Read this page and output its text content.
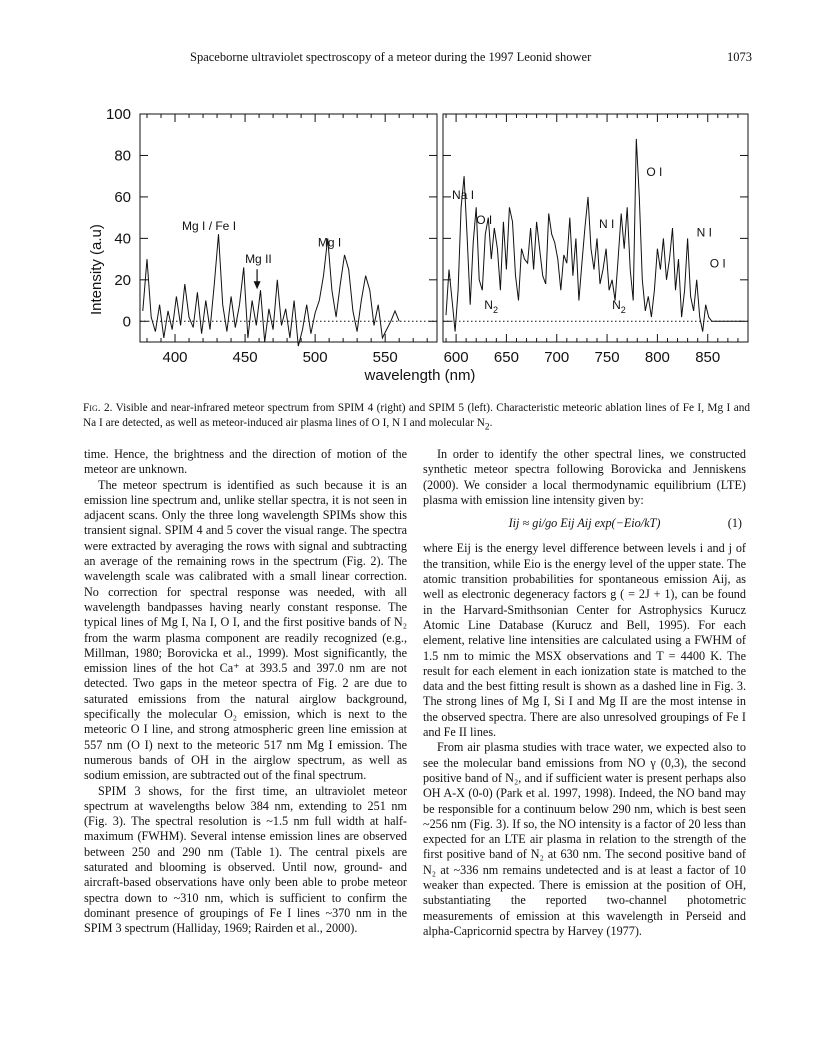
Spaceborne ultraviolet spectroscopy of a meteor during the 1997 Leonid shower	1073
Mg I / Fe I
Mg II
Mg I
Na I
O I
$N_2$
N I
$N_2$
O I
N I
O I
0
20
40
60
80
100
400	450	500	550	600 650 700 750 800 850
wavelength (nm)
Intensity (a.u)
Fig. 2. Visible and near-infrared meteor spectrum from SPIM 4 (right) and SPIM 5 (left). Characteristic meteoric ablation lines of Fe I, Mg I and Na I are detected, as well as meteor-induced air plasma lines of O I, N I and molecular $N_2$.

time. Hence, the brightness and the direction of motion of the meteor are unknown.

The meteor spectrum is identified as such because it is an emission line spectrum and, unlike stellar spectra, it is not seen in adjacent scans. Only the three long wavelength SPIMs show this transient signal. SPIM 4 and 5 cover the visual range. The spectra were extracted by averaging the rows with signal and subtracting an average of the remaining rows in the spectrum (Fig. 2). The wavelength scale was calibrated with a small linear correction. No correction for spectral response was needed, with all wavelength bandpasses having nearly constant response. The typical lines of Mg I, Na I, O I, and the first positive bands of N₂ from the warm plasma component are readily recognized (e.g., Millman, 1980; Borovicka et al., 1999). Most significantly, the emission lines of the hot Ca⁺ at 393.5 and 397.0 nm are not detected. Two gaps in the meteor spectra of Fig. 2 are due to saturated emissions from the natural airglow background, specifically the molecular O₂ emission, which is next to the meteoric O I line, and strong atmospheric green line emission at 557 nm (O I) next to the meteoric 517 nm Mg I emission. The numerous bands of OH in the airglow spectrum, as well as sodium emission, are subtracted out of the final spectrum.

SPIM 3 shows, for the first time, an ultraviolet meteor spectrum at wavelengths below 384 nm, extending to 251 nm (Fig. 3). The spectral resolution is ~1.5 nm full width at half-maximum (FWHM). Several intense emission lines are observed between 250 and 290 nm (Table 1). The central pixels are saturated and blooming is observed. Until now, ground- and aircraft-based observations have only been able to probe meteor spectra down to ~310 nm, which is sufficient to confirm the dominant presence of groupings of Fe I lines ~370 nm in the SPIM 3 spectrum (Halliday, 1969; Rairden et al., 2000).

In order to identify the other spectral lines, we constructed synthetic meteor spectra following Borovicka and Jenniskens (2000). We consider a local thermodynamic equilibrium (LTE) plasma with emission line intensity given by:

Iij ≈ gi/go Eij Aij exp(−Eio/kT)	(1)

where Eij is the energy level difference between levels i and j of the transition, while Eio is the energy level of the upper state. The atomic transition probabilities for spontaneous emission Aij, as well as electronic degeneracy factors g ( = 2J + 1), can be found in the Harvard-Smithsonian Center for Astrophysics Kurucz Atomic Line Database (Kurucz and Bell, 1995). For each element, relative line intensities are calculated using a FWHM of 1.5 nm to mimic the MSX observations and T = 4400 K. The result for each element in each ionization state is matched to the data and the best fitting result is shown as a dashed line in Fig. 3. The strong lines of Mg I, Si I and Mg II are the most intense in the observed spectra. There are also unresolved groupings of Fe I and Fe II lines.

From air plasma studies with trace water, we expected also to see the molecular band emissions from NO γ (0,3), the second positive band of N₂, and if sufficient water is present perhaps also OH A-X (0-0) (Park et al. 1997, 1998). Indeed, the NO band may be responsible for a continuum below 290 nm, which is best seen ~256 nm (Fig. 3). If so, the NO intensity is a factor of 20 less than expected for an LTE air plasma in relation to the strength of the first positive band of N₂ at 630 nm. The second positive band of N₂ at ~336 nm remains undetected and is at least a factor of 10 weaker than expected. There is emission at the position of OH, substantiating the reported two-channel photometric measurements of emission at this wavelength in Perseid and alpha-Capricornid spectra by Harvey (1977).
